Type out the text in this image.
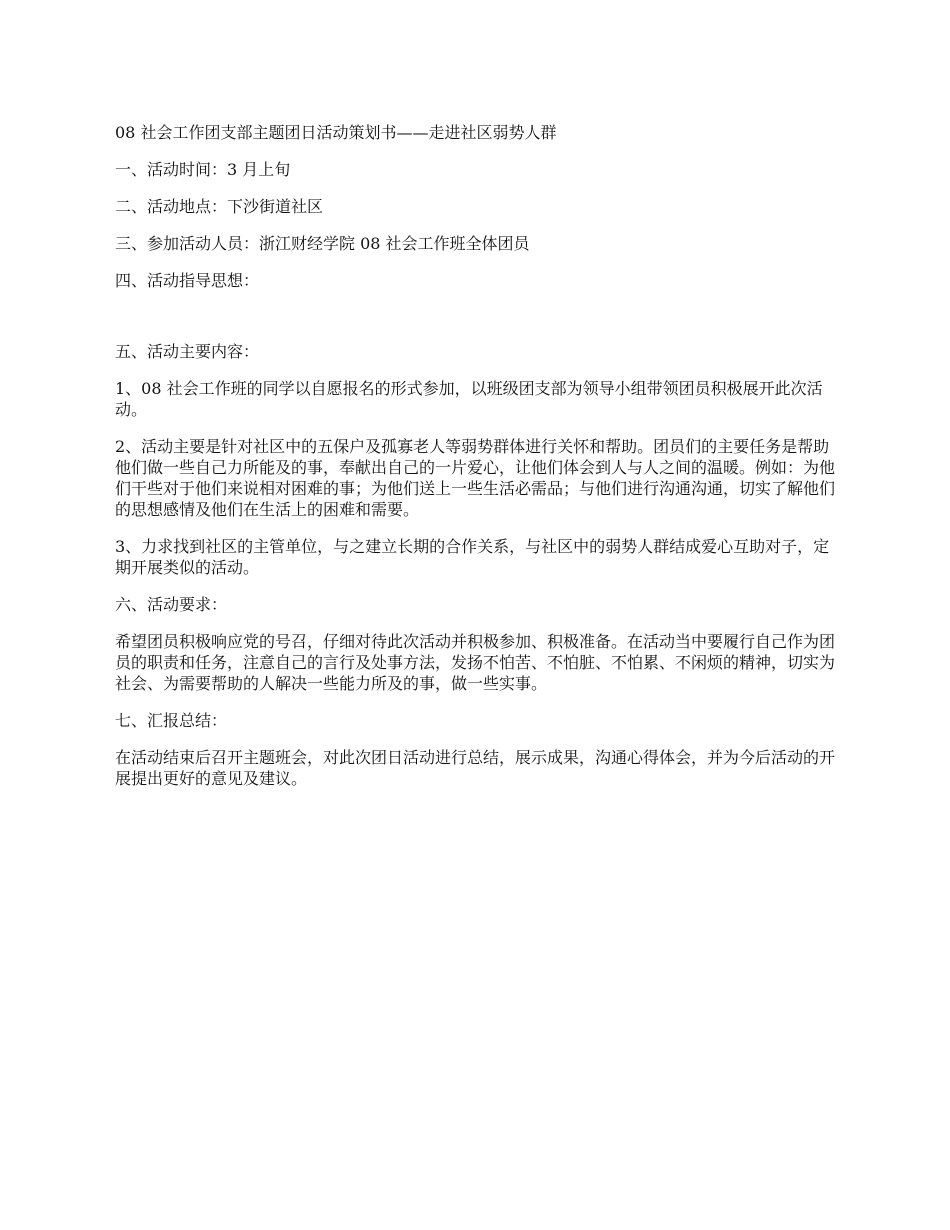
08 社会工作团支部主题团日活动策划书——走进社区弱势人群

一、活动时间：3 月上旬

二、活动地点：下沙街道社区

三、参加活动人员：浙江财经学院 08 社会工作班全体团员

四、活动指导思想：

五、活动主要内容：

1、08 社会工作班的同学以自愿报名的形式参加，以班级团支部为领导小组带领团员积极展开此次活动。

2、活动主要是针对社区中的五保户及孤寡老人等弱势群体进行关怀和帮助。团员们的主要任务是帮助他们做一些自己力所能及的事，奉献出自己的一片爱心，让他们体会到人与人之间的温暖。例如：为他们干些对于他们来说相对困难的事；为他们送上一些生活必需品；与他们进行沟通沟通，切实了解他们的思想感情及他们在生活上的困难和需要。

3、力求找到社区的主管单位，与之建立长期的合作关系，与社区中的弱势人群结成爱心互助对子，定期开展类似的活动。

六、活动要求：

希望团员积极响应党的号召，仔细对待此次活动并积极参加、积极准备。在活动当中要履行自己作为团员的职责和任务，注意自己的言行及处事方法，发扬不怕苦、不怕脏、不怕累、不闲烦的精神，切实为社会、为需要帮助的人解决一些能力所及的事，做一些实事。

七、汇报总结：

在活动结束后召开主题班会，对此次团日活动进行总结，展示成果，沟通心得体会，并为今后活动的开展提出更好的意见及建议。
